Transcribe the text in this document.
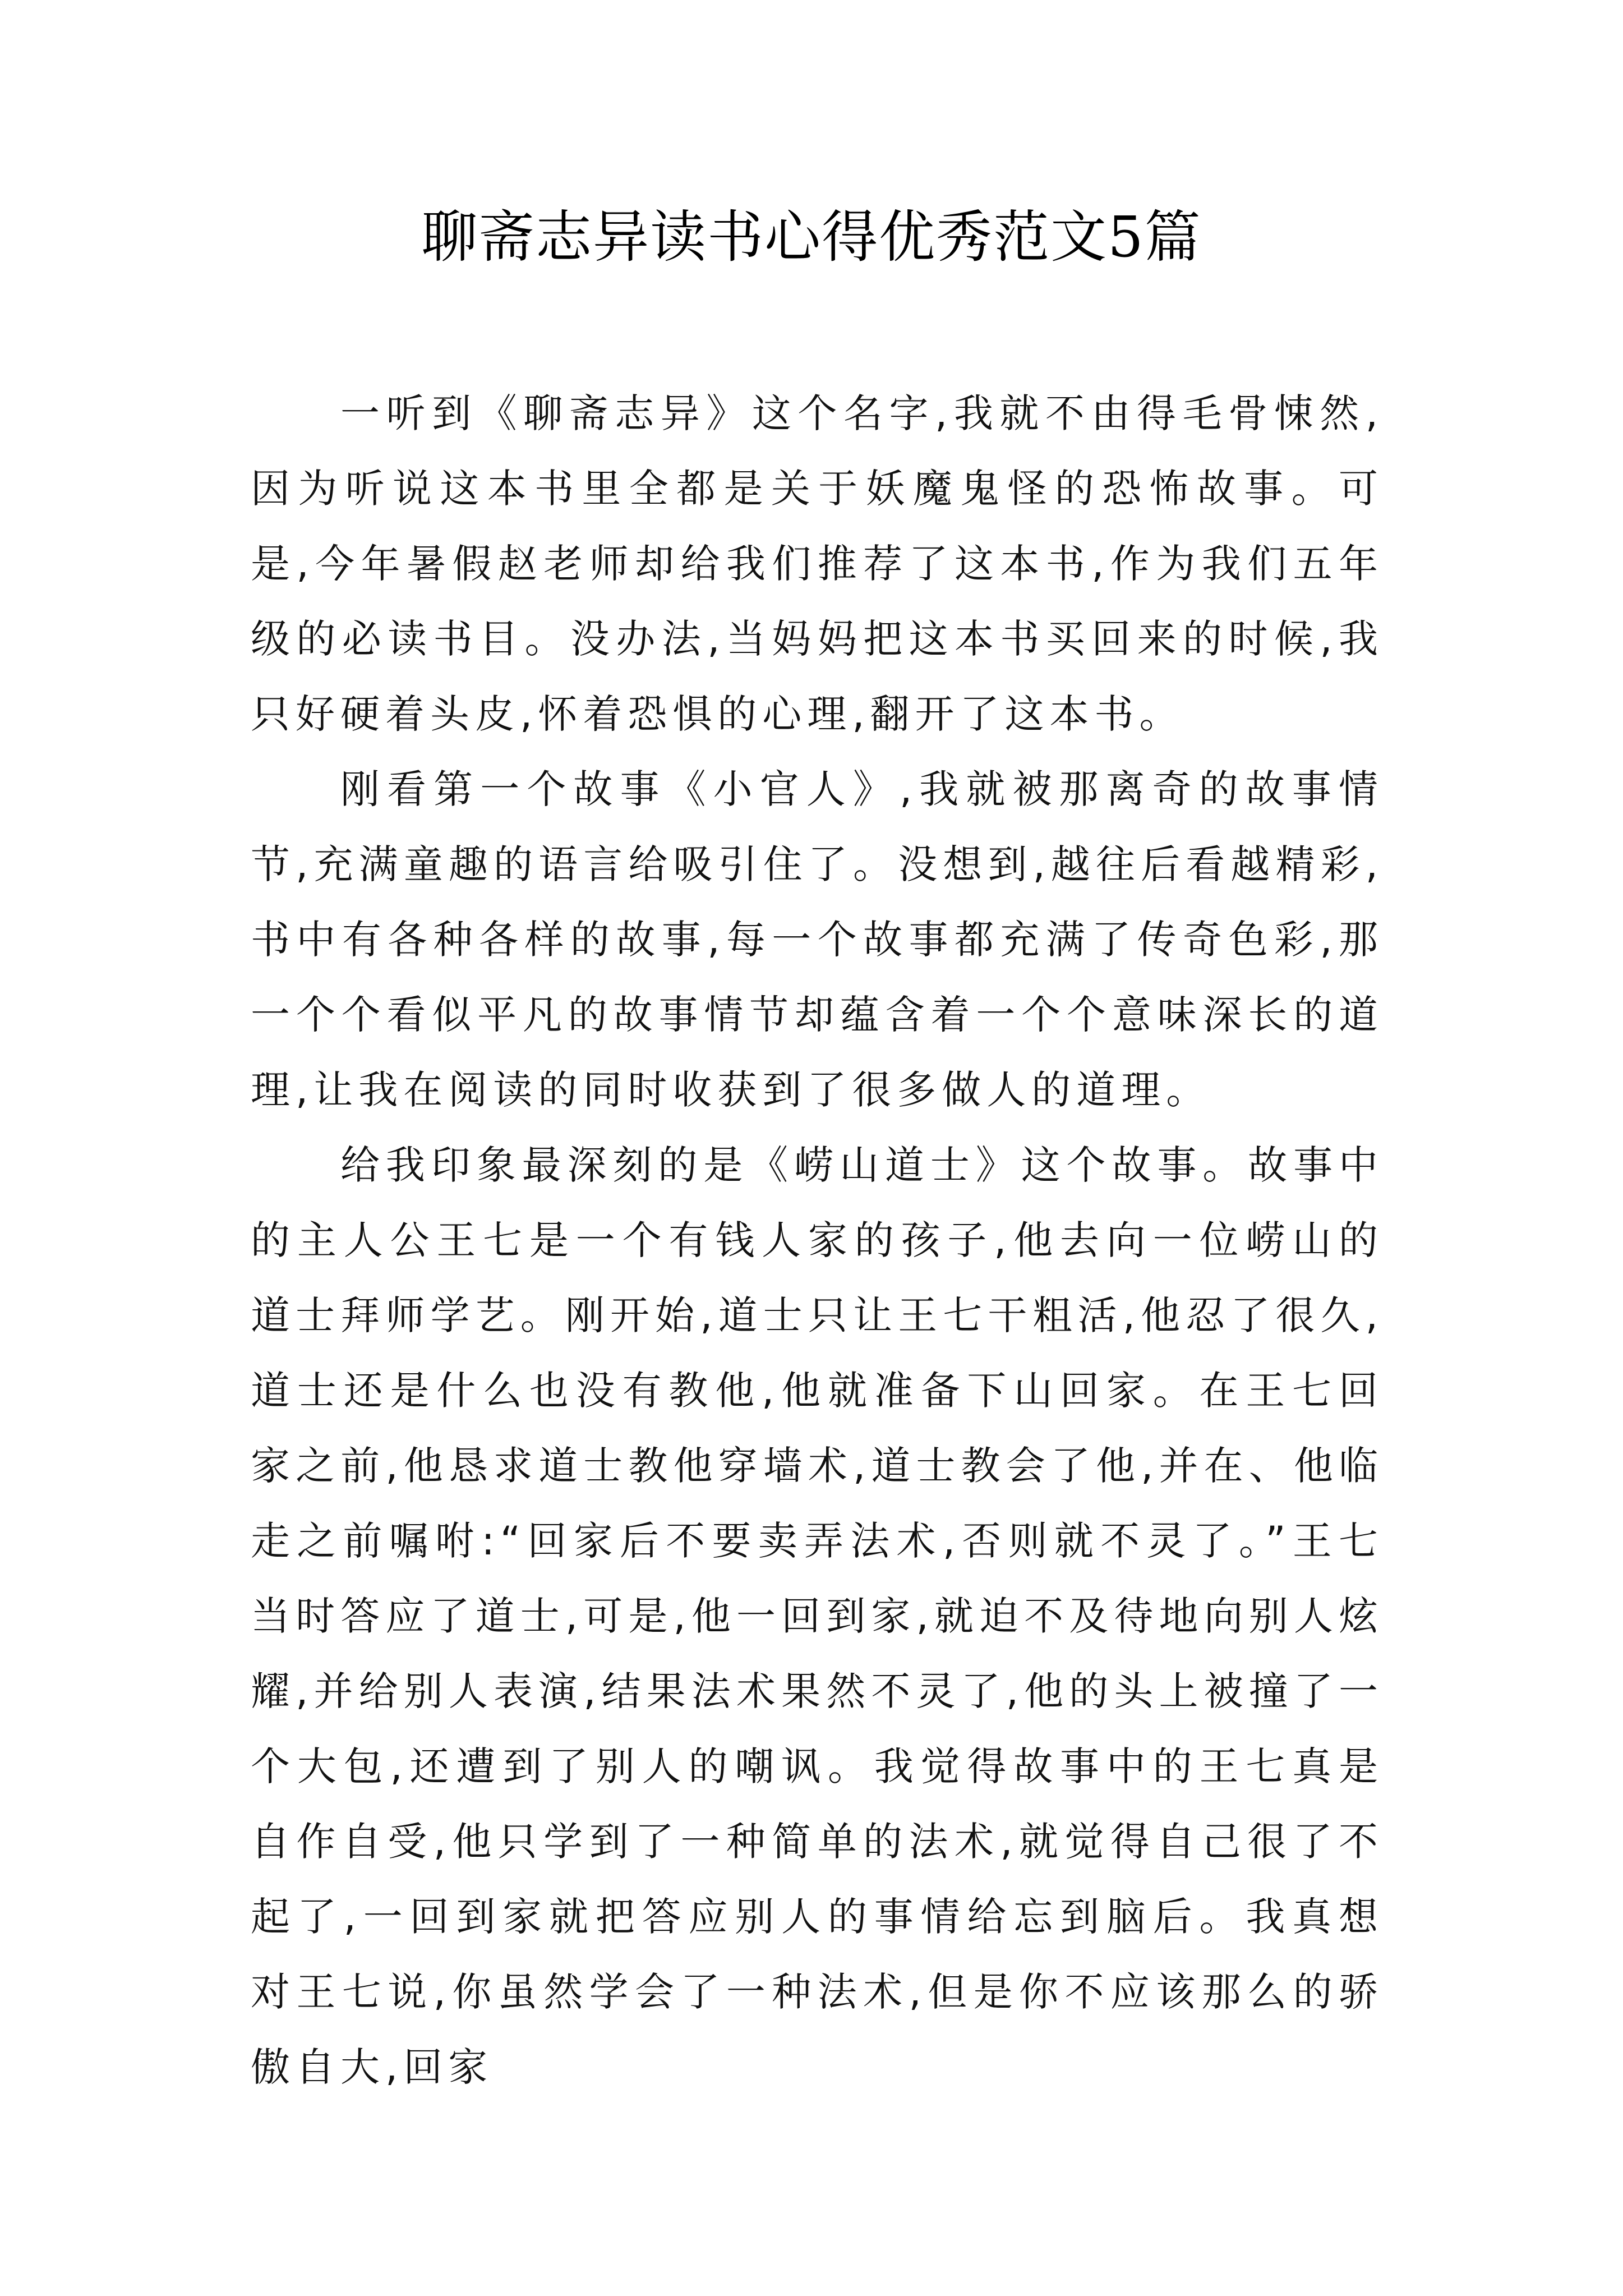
聊斋志异读书心得优秀范文5篇

一听到《聊斋志异》这个名字,我就不由得毛骨悚然,因为听说这本书里全都是关于妖魔鬼怪的恐怖故事。可是,今年暑假赵老师却给我们推荐了这本书,作为我们五年级的必读书目。没办法,当妈妈把这本书买回来的时候,我只好硬着头皮,怀着恐惧的心理,翻开了这本书。

刚看第一个故事《小官人》,我就被那离奇的故事情节,充满童趣的语言给吸引住了。没想到,越往后看越精彩,书中有各种各样的故事,每一个故事都充满了传奇色彩,那一个个看似平凡的故事情节却蕴含着一个个意味深长的道理,让我在阅读的同时收获到了很多做人的道理。

给我印象最深刻的是《崂山道士》这个故事。故事中的主人公王七是一个有钱人家的孩子,他去向一位崂山的道士拜师学艺。刚开始,道士只让王七干粗活,他忍了很久,道士还是什么也没有教他,他就准备下山回家。在王七回家之前,他恳求道士教他穿墙术,道士教会了他,并在、他临走之前嘱咐:“回家后不要卖弄法术,否则就不灵了。”王七当时答应了道士,可是,他一回到家,就迫不及待地向别人炫耀,并给别人表演,结果法术果然不灵了,他的头上被撞了一个大包,还遭到了别人的嘲讽。我觉得故事中的王七真是自作自受,他只学到了一种简单的法术,就觉得自己很了不起了,一回到家就把答应别人的事情给忘到脑后。我真想对王七说,你虽然学会了一种法术,但是你不应该那么的骄傲自大,回家
